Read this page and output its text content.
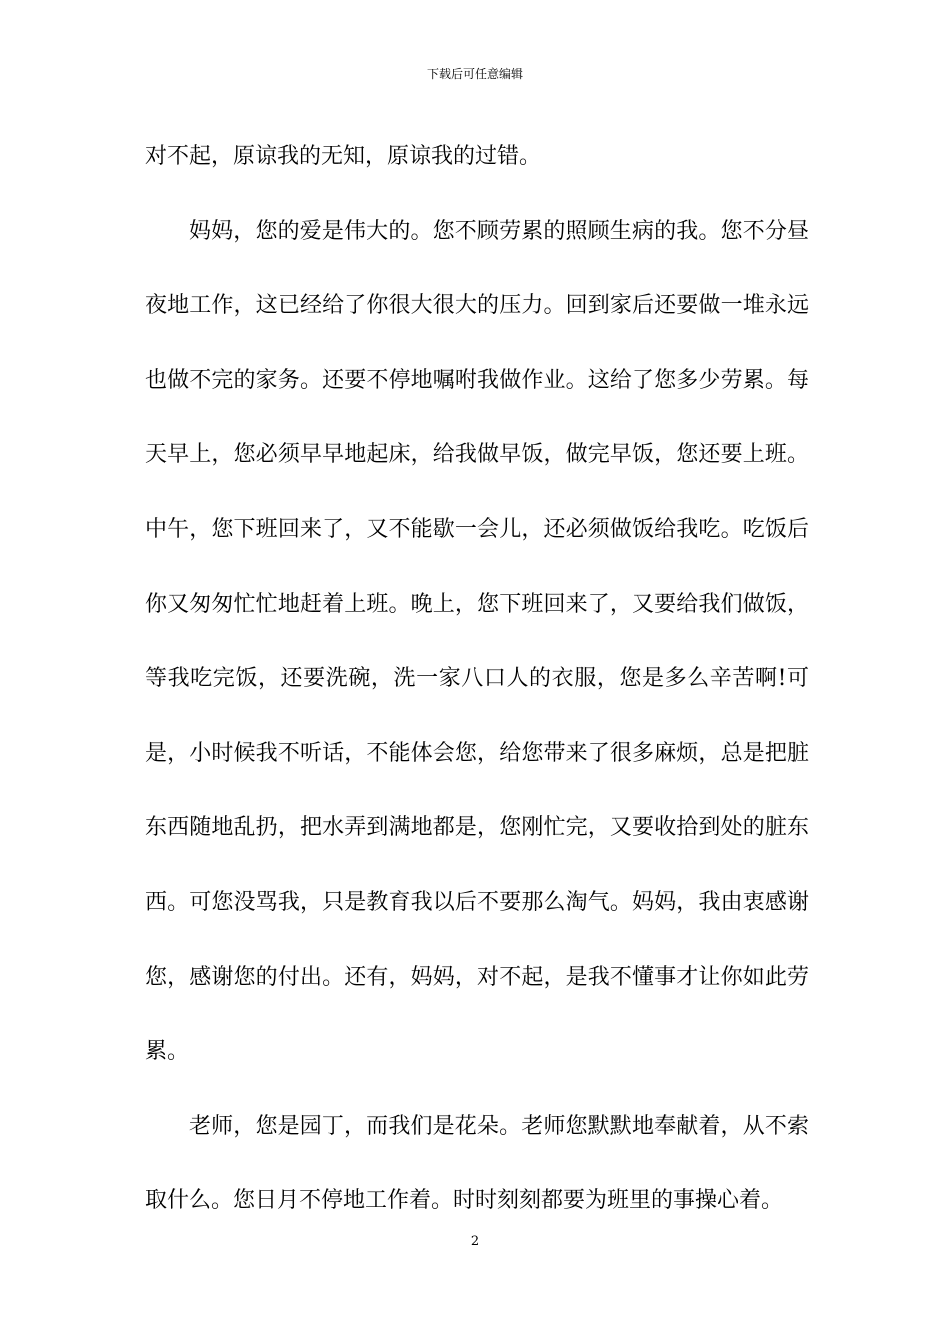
下载后可任意编辑

对不起，原谅我的无知，原谅我的过错。

妈妈，您的爱是伟大的。您不顾劳累的照顾生病的我。您不分昼夜地工作，这已经给了你很大很大的压力。回到家后还要做一堆永远也做不完的家务。还要不停地嘱咐我做作业。这给了您多少劳累。每天早上，您必须早早地起床，给我做早饭，做完早饭，您还要上班。中午，您下班回来了，又不能歇一会儿，还必须做饭给我吃。吃饭后你又匆匆忙忙地赶着上班。晚上，您下班回来了，又要给我们做饭，等我吃完饭，还要洗碗，洗一家八口人的衣服，您是多么辛苦啊!可是，小时候我不听话，不能体会您，给您带来了很多麻烦，总是把脏东西随地乱扔，把水弄到满地都是，您刚忙完，又要收拾到处的脏东西。可您没骂我，只是教育我以后不要那么淘气。妈妈，我由衷感谢您，感谢您的付出。还有，妈妈，对不起，是我不懂事才让你如此劳累。

老师，您是园丁，而我们是花朵。老师您默默地奉献着，从不索取什么。您日月不停地工作着。时时刻刻都要为班里的事操心着。

2
